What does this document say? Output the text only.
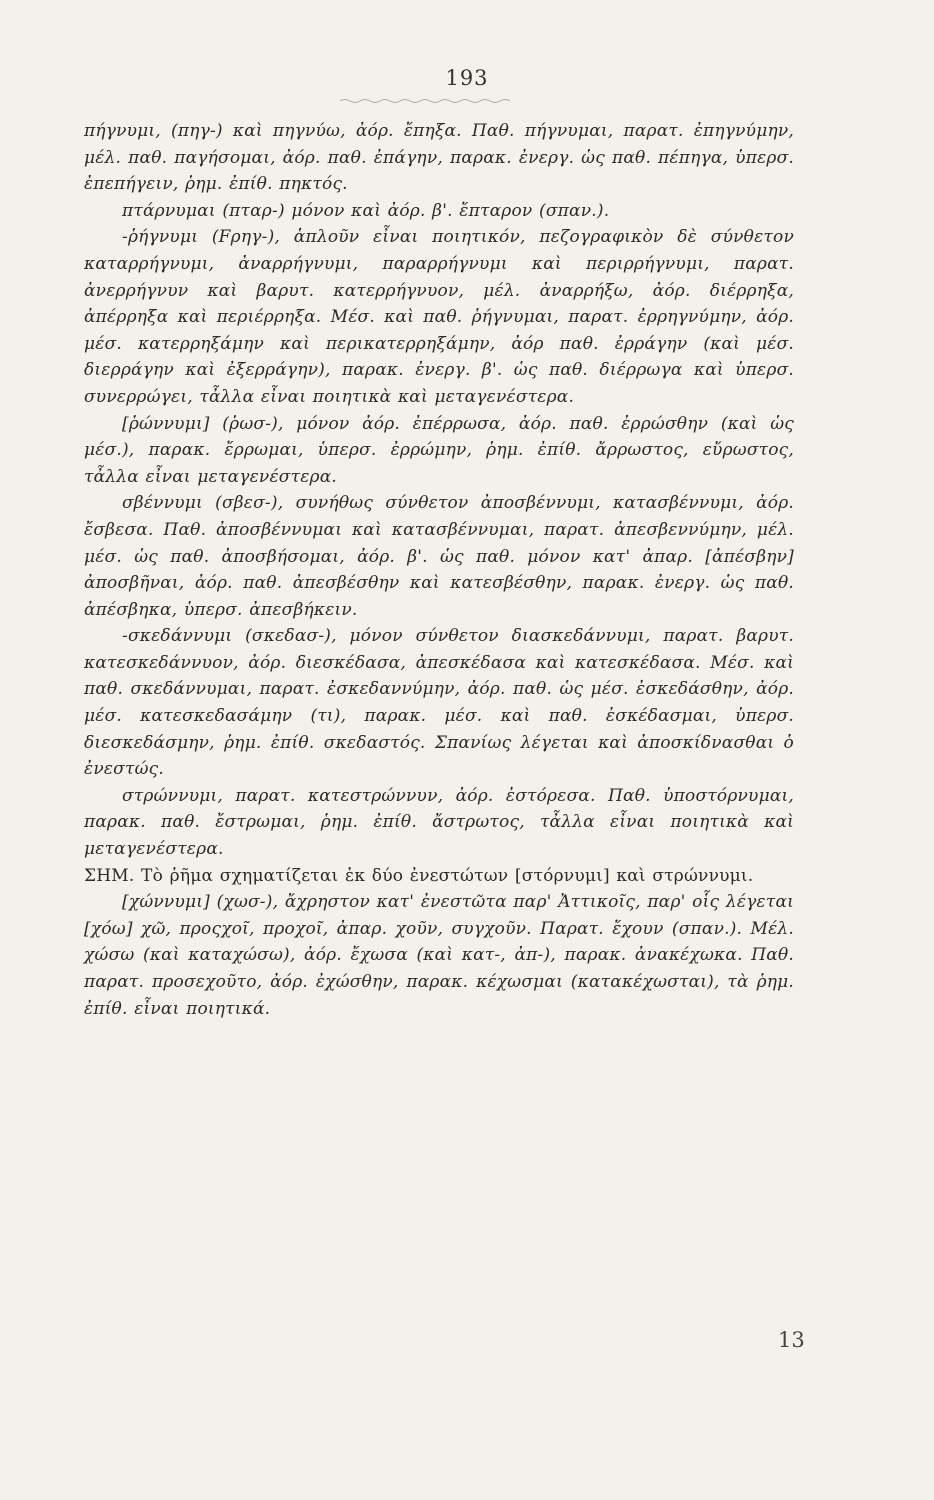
193

πήγνυμι, (πηγ-) καὶ πηγνύω, ἀόρ. ἔπηξα. Παθ. πήγνυμαι, παρατ. ἐπηγνύμην, μέλ. παθ. παγήσομαι, ἀόρ. παθ. ἐπάγην, παρακ. ἐνεργ. ὡς παθ. πέπηγα, ὑπερσ. ἐπεπήγειν, ῥημ. ἐπίθ. πηκτός.

πτάρνυμαι (πταρ-) μόνον καὶ ἀόρ. β'. ἔπταρον (σπαν.).

-ῥήγνυμι (Fρηγ-), ἁπλοῦν εἶναι ποιητικόν, πεζογραφικὸν δὲ σύνθετον καταρρήγνυμι, ἀναρρήγνυμι, παραρρήγνυμι καὶ περιρρήγνυμι, παρατ. ἀνερρήγνυν καὶ βαρυτ. κατερρήγνυον, μέλ. ἀναρρήξω, ἀόρ. διέρρηξα, ἀπέρρηξα καὶ περιέρρηξα. Μέσ. καὶ παθ. ῥήγνυμαι, παρατ. ἐρρηγνύμην, ἀόρ. μέσ. κατερρηξάμην καὶ περικατερρηξάμην, ἀόρ παθ. ἐρράγην (καὶ μέσ. διερράγην καὶ ἐξερράγην), παρακ. ἐνεργ. β'. ὡς παθ. διέρρωγα καὶ ὑπερσ. συνερρώγει, τἆλλα εἶναι ποιητικὰ καὶ μεταγενέστερα.

[ῥώννυμι] (ῥωσ-), μόνον ἀόρ. ἐπέρρωσα, ἀόρ. παθ. ἐρρώσθην (καὶ ὡς μέσ.), παρακ. ἔρρωμαι, ὑπερσ. ἐρρώμην, ῥημ. ἐπίθ. ἄρρωστος, εὔρωστος, τἆλλα εἶναι μεταγενέστερα.

σβέννυμι (σβεσ-), συνήθως σύνθετον ἀποσβέννυμι, κατασβέννυμι, ἀόρ. ἔσβεσα. Παθ. ἀποσβέννυμαι καὶ κατασβέννυμαι, παρατ. ἀπεσβεννύμην, μέλ. μέσ. ὡς παθ. ἀποσβήσομαι, ἀόρ. β'. ὡς παθ. μόνον κατ' ἀπαρ. [ἀπέσβην] ἀποσβῆναι, ἀόρ. παθ. ἀπεσβέσθην καὶ κατεσβέσθην, παρακ. ἐνεργ. ὡς παθ. ἀπέσβηκα, ὑπερσ. ἀπεσβήκειν.

-σκεδάννυμι (σκεδασ-), μόνον σύνθετον διασκεδάννυμι, παρατ. βαρυτ. κατεσκεδάννυον, ἀόρ. διεσκέδασα, ἀπεσκέδασα καὶ κατεσκέδασα. Μέσ. καὶ παθ. σκεδάννυμαι, παρατ. ἐσκεδαννύμην, ἀόρ. παθ. ὡς μέσ. ἐσκεδάσθην, ἀόρ. μέσ. κατεσκεδασάμην (τι), παρακ. μέσ. καὶ παθ. ἐσκέδασμαι, ὑπερσ. διεσκεδάσμην, ῥημ. ἐπίθ. σκεδαστός. Σπανίως λέγεται καὶ ἀποσκίδνασθαι ὁ ἐνεστώς.

στρώννυμι, παρατ. κατεστρώννυν, ἀόρ. ἐστόρεσα. Παθ. ὑποστόρνυμαι, παρακ. παθ. ἔστρωμαι, ῥημ. ἐπίθ. ἄστρωτος, τἆλλα εἶναι ποιητικὰ καὶ μεταγενέστερα.

ΣΗΜ. Τὸ ῥῆμα σχηματίζεται ἐκ δύο ἐνεστώτων [στόρνυμι] καὶ στρώννυμι.

[χώννυμι] (χωσ-), ἄχρηστον κατ' ἐνεστῶτα παρ' Ἀττικοῖς, παρ' οἷς λέγεται [χόω] χῶ, προςχοῖ, προχοῖ, ἀπαρ. χοῦν, συγχοῦν. Παρατ. ἔχουν (σπαν.). Μέλ. χώσω (καὶ καταχώσω), ἀόρ. ἔχωσα (καὶ κατ-, ἀπ-), παρακ. ἀνακέχωκα. Παθ. παρατ. προσεχοῦτο, ἀόρ. ἐχώσθην, παρακ. κέχωσμαι (κατακέχωσται), τὰ ῥημ. ἐπίθ. εἶναι ποιητικά.

13
